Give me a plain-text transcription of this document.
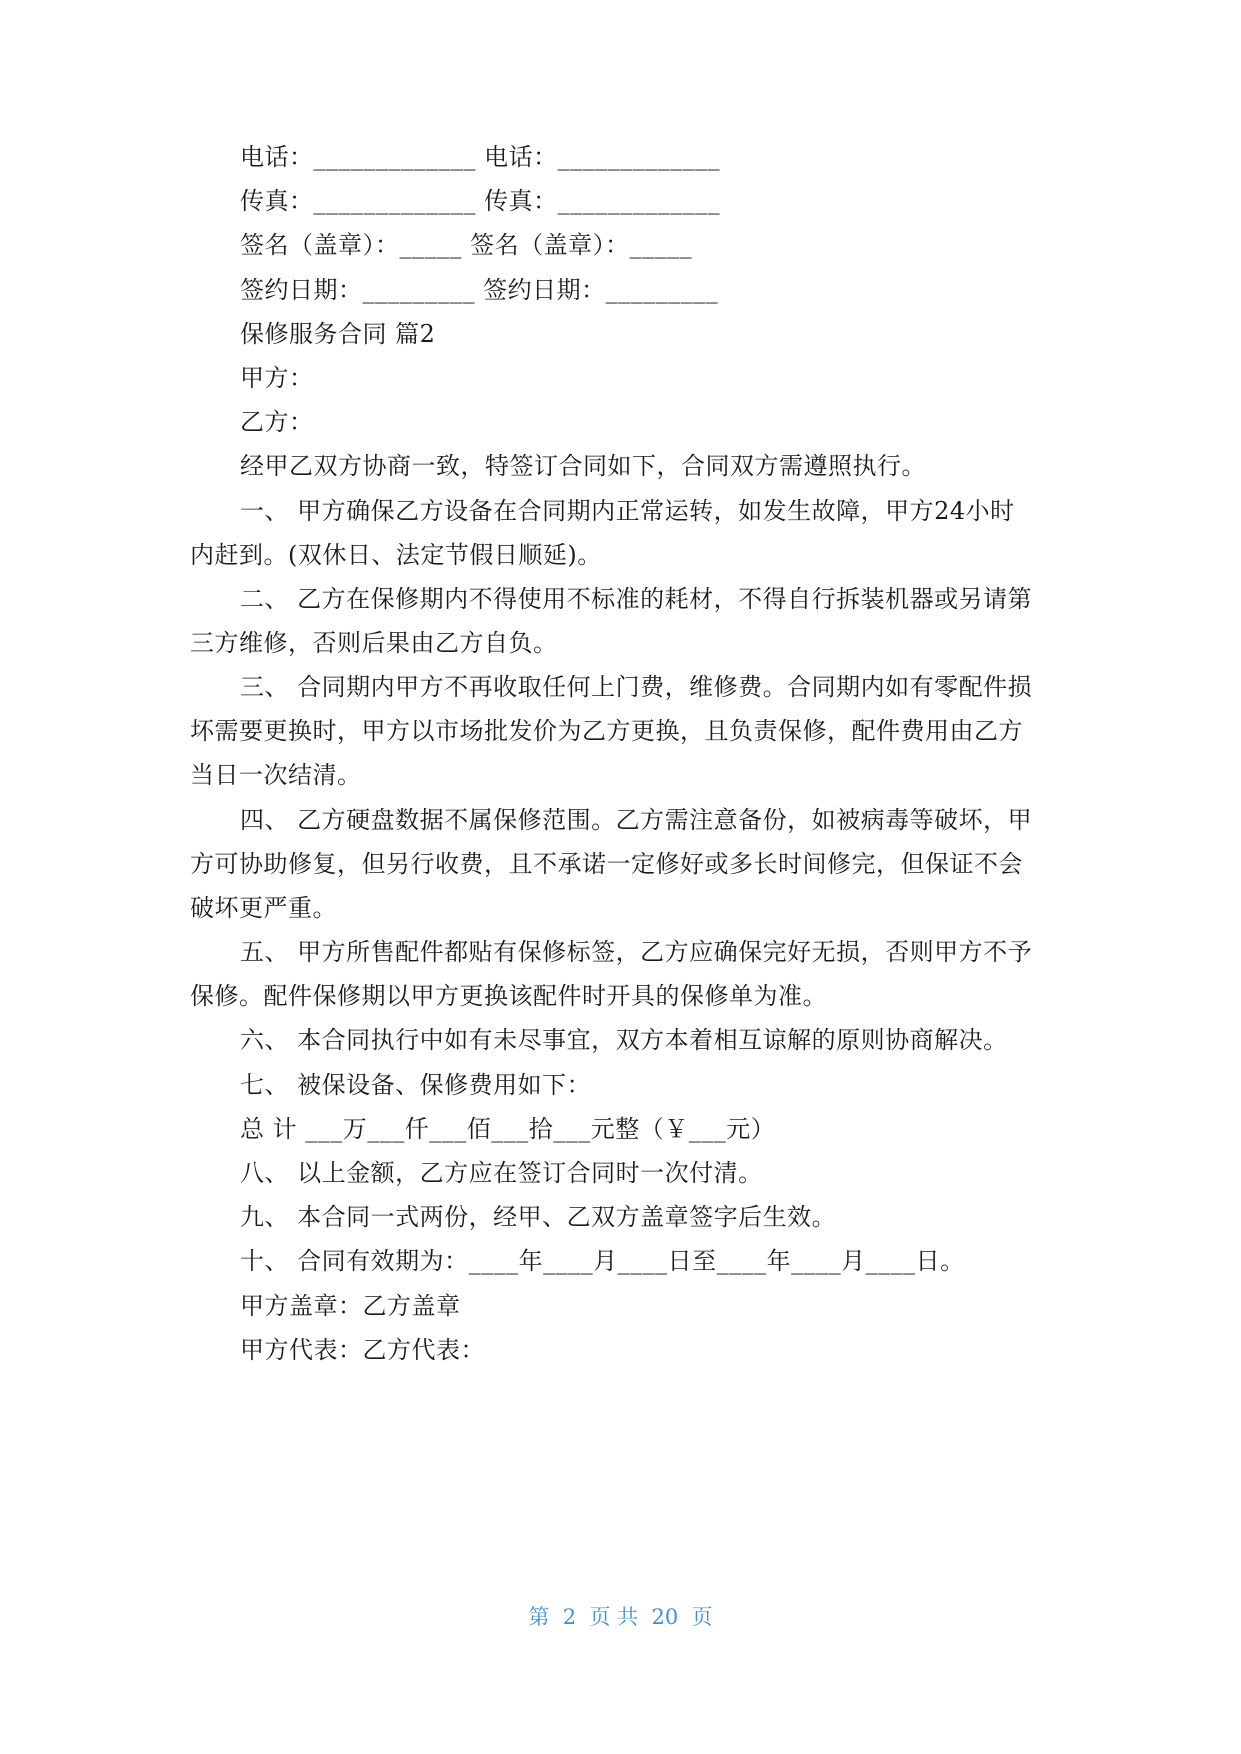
电话：_____________ 电话：_____________
传真：_____________ 传真：_____________
签名（盖章）：_____ 签名（盖章）：_____
签约日期：_________ 签约日期：_________
保修服务合同 篇2
甲方：
乙方：
经甲乙双方协商一致，特签订合同如下，合同双方需遵照执行。
一、 甲方确保乙方设备在合同期内正常运转，如发生故障，甲方24小时
内赶到。(双休日、法定节假日顺延)。
二、 乙方在保修期内不得使用不标准的耗材，不得自行拆装机器或另请第
三方维修，否则后果由乙方自负。
三、 合同期内甲方不再收取任何上门费，维修费。合同期内如有零配件损
坏需要更换时，甲方以市场批发价为乙方更换，且负责保修，配件费用由乙方
当日一次结清。
四、 乙方硬盘数据不属保修范围。乙方需注意备份，如被病毒等破坏，甲
方可协助修复，但另行收费，且不承诺一定修好或多长时间修完，但保证不会
破坏更严重。
五、 甲方所售配件都贴有保修标签，乙方应确保完好无损，否则甲方不予
保修。配件保修期以甲方更换该配件时开具的保修单为准。
六、 本合同执行中如有未尽事宜，双方本着相互谅解的原则协商解决。
七、 被保设备、保修费用如下：
总 计 ___万___仟___佰___拾___元整（￥___元）
八、 以上金额，乙方应在签订合同时一次付清。
九、 本合同一式两份，经甲、乙双方盖章签字后生效。
十、 合同有效期为：____年____月____日至____年____月____日。
甲方盖章：乙方盖章
甲方代表：乙方代表：
第  2  页 共  20  页
